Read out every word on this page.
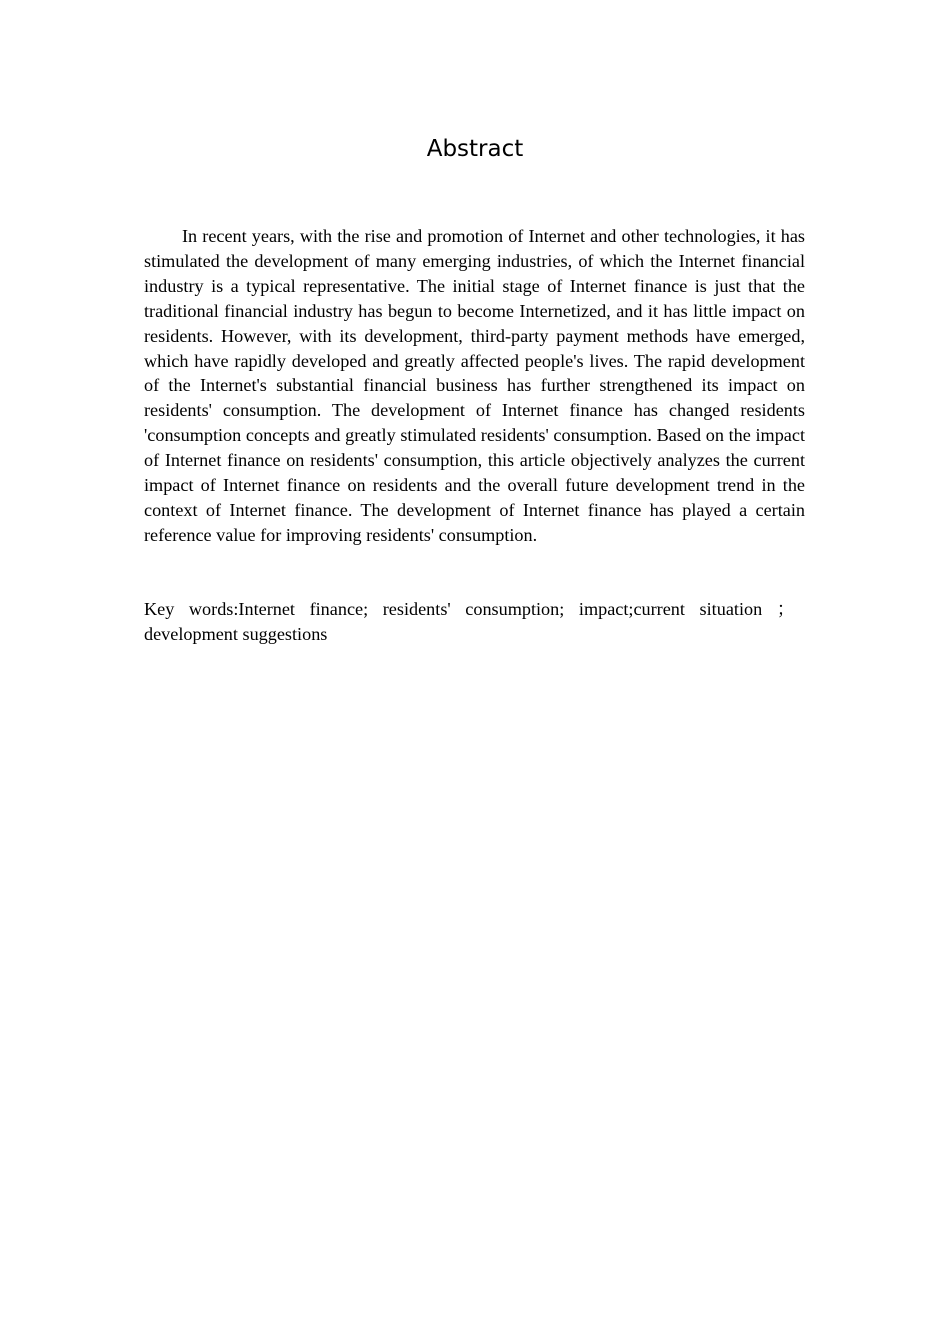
Abstract

In recent years, with the rise and promotion of Internet and other technologies, it has stimulated the development of many emerging industries, of which the Internet financial industry is a typical representative. The initial stage of Internet finance is just that the traditional financial industry has begun to become Internetized, and it has little impact on residents. However, with its development, third-party payment methods have emerged, which have rapidly developed and greatly affected people's lives. The rapid development of the Internet's substantial financial business has further strengthened its impact on residents' consumption. The development of Internet finance has changed residents 'consumption concepts and greatly stimulated residents' consumption. Based on the impact of Internet finance on residents' consumption, this article objectively analyzes the current impact of Internet finance on residents and the overall future development trend in the context of Internet finance. The development of Internet finance has played a certain reference value for improving residents' consumption.

Key words:Internet finance; residents' consumption; impact;current situation ；development suggestions
